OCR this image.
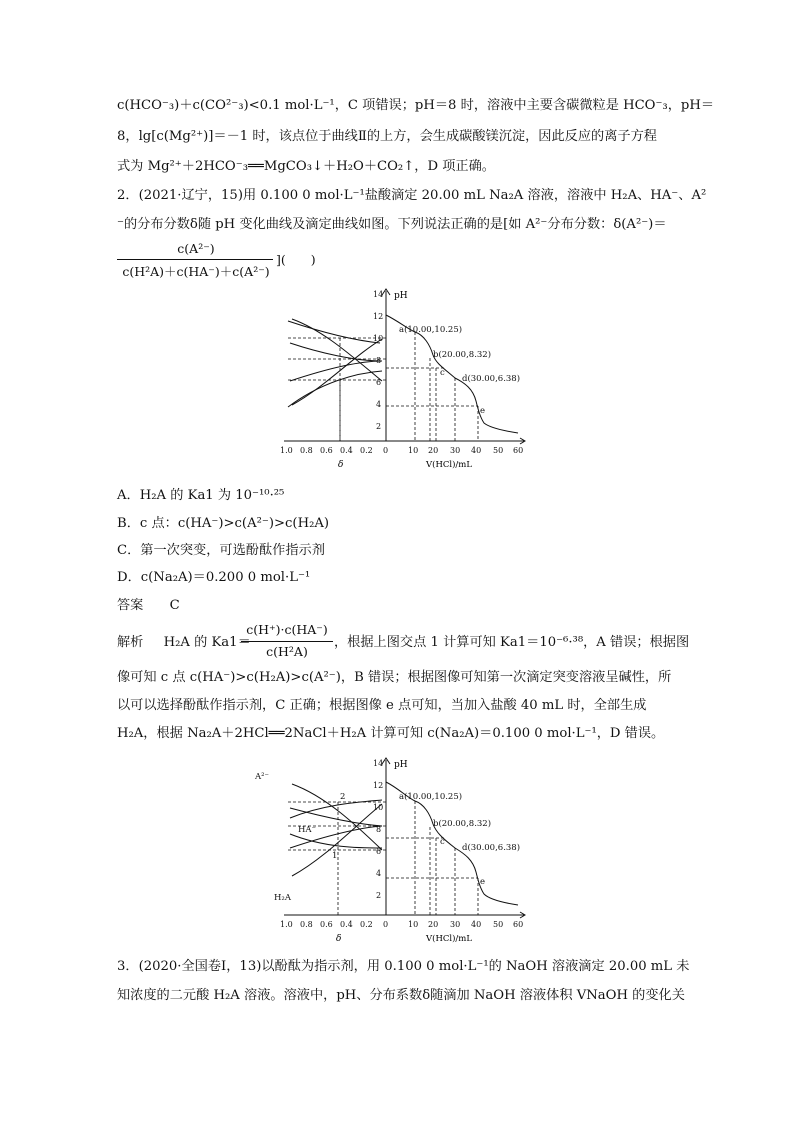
c(HCO⁻₃)＋c(CO²⁻₃)<0.1 mol·L⁻¹，C 项错误；pH＝8 时，溶液中主要含碳微粒是 HCO⁻₃，pH＝
8，lg[c(Mg²⁺)]＝－1 时，该点位于曲线Ⅱ的上方，会生成碳酸镁沉淀，因此反应的离子方程
式为 Mg²⁺＋2HCO⁻₃══MgCO₃↓＋H₂O＋CO₂↑，D 项正确。
2．(2021·辽宁，15)用 0.100 0 mol·L⁻¹盐酸滴定 20.00 mL Na₂A 溶液，溶液中 H₂A、HA⁻、A²
⁻的分布分数δ随 pH 变化曲线及滴定曲线如图。下列说法正确的是[如 A²⁻分布分数：δ(A²⁻)＝
c(A²⁻)
c(H²A)＋c(HA⁻)＋c(A²⁻)
](　　)
14
12
10
8
6
4
2
pH
1.0 0.8 0.6 0.4 0.2 0 10 20 30 40 50 60
δ	V(HCl)/mL
a(10.00,10.25)
b(20.00,8.32)
c
d(30.00,6.38)
e
A．H₂A 的 Ka1 为 10⁻¹⁰·²⁵
B．c 点：c(HA⁻)>c(A²⁻)>c(H₂A)
C．第一次突变，可选酚酞作指示剂
D．c(Na₂A)＝0.200 0 mol·L⁻¹
答案 C
解析 H₂A 的 Ka1＝
c(H⁺)·c(HA⁻)
c(H²A)
，根据上图交点 1 计算可知 Ka1＝10⁻⁶·³⁸，A 错误；根据图
像可知 c 点 c(HA⁻)>c(H₂A)>c(A²⁻)，B 错误；根据图像可知第一次滴定突变溶液呈碱性，所
以可以选择酚酞作指示剂，C 正确；根据图像 e 点可知，当加入盐酸 40 mL 时，全部生成
H₂A，根据 Na₂A＋2HCl══2NaCl＋H₂A 计算可知 c(Na₂A)＝0.100 0 mol·L⁻¹，D 错误。
14
12
10
8
6
4
2
pH
A²⁻
HA⁻
H₂A
2
1
1.0 0.8 0.6 0.4 0.2 0 10 20 30 40 50 60
δ	V(HCl)/mL
a(10.00,10.25)
b(20.00,8.32)
c
d(30.00,6.38)
e
3．(2020·全国卷Ⅰ，13)以酚酞为指示剂，用 0.100 0 mol·L⁻¹的 NaOH 溶液滴定 20.00 mL 未
知浓度的二元酸 H₂A 溶液。溶液中，pH、分布系数δ随滴加 NaOH 溶液体积 VNaOH 的变化关
